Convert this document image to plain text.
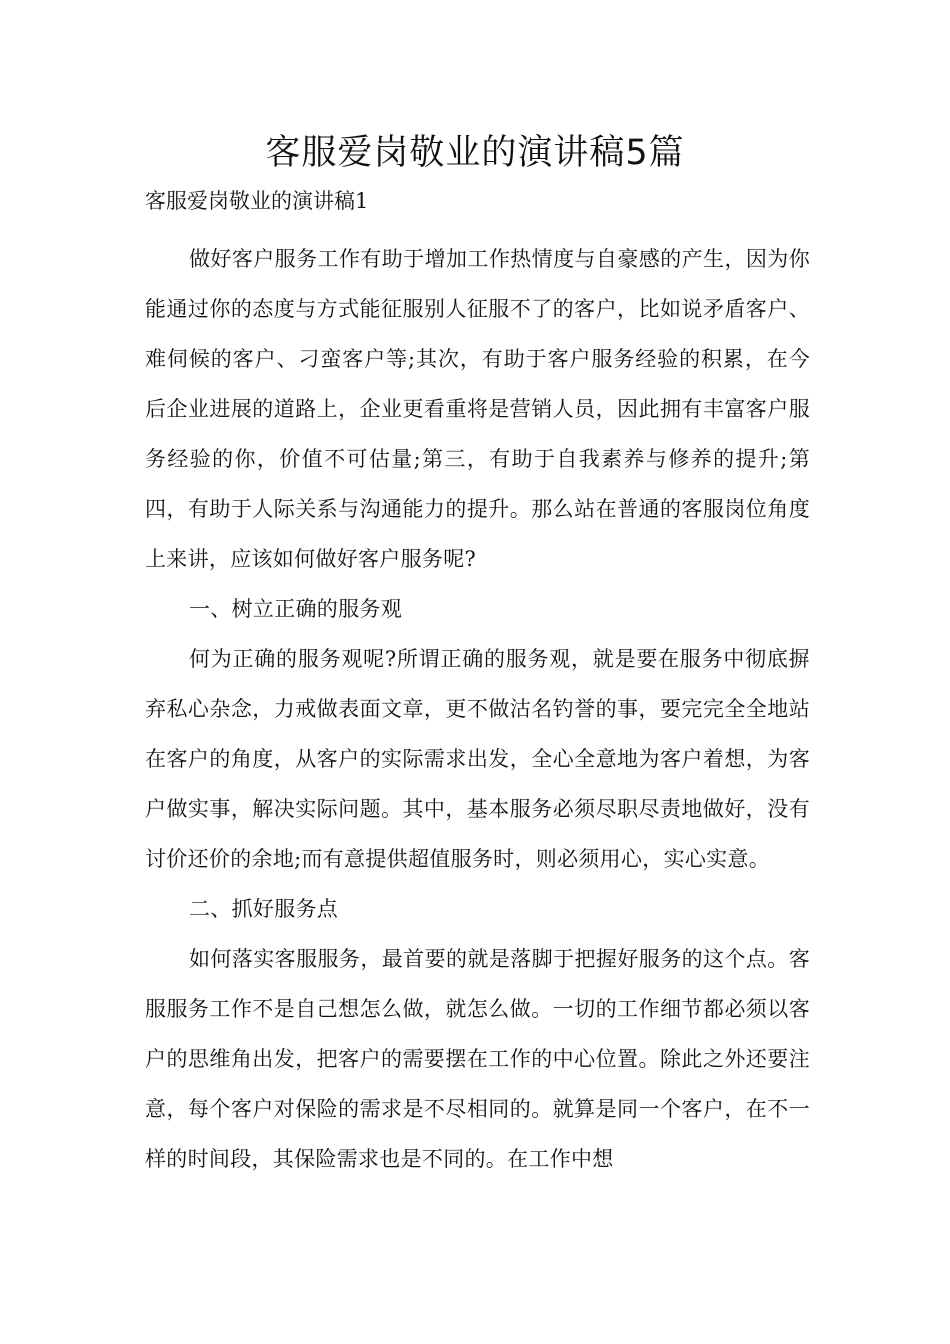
客服爱岗敬业的演讲稿5篇
客服爱岗敬业的演讲稿1

做好客户服务工作有助于增加工作热情度与自豪感的产生，因为你能通过你的态度与方式能征服别人征服不了的客户，比如说矛盾客户、难伺候的客户、刁蛮客户等;其次，有助于客户服务经验的积累，在今后企业进展的道路上，企业更看重将是营销人员，因此拥有丰富客户服务经验的你，价值不可估量;第三，有助于自我素养与修养的提升;第四，有助于人际关系与沟通能力的提升。那么站在普通的客服岗位角度上来讲，应该如何做好客户服务呢?

一、树立正确的服务观

何为正确的服务观呢?所谓正确的服务观，就是要在服务中彻底摒弃私心杂念，力戒做表面文章，更不做沽名钓誉的事，要完完全全地站在客户的角度，从客户的实际需求出发，全心全意地为客户着想，为客户做实事，解决实际问题。其中，基本服务必须尽职尽责地做好，没有讨价还价的余地;而有意提供超值服务时，则必须用心，实心实意。

二、抓好服务点

如何落实客服服务，最首要的就是落脚于把握好服务的这个点。客服服务工作不是自己想怎么做，就怎么做。一切的工作细节都必须以客户的思维角出发，把客户的需要摆在工作的中心位置。除此之外还要注意，每个客户对保险的需求是不尽相同的。就算是同一个客户，在不一样的时间段，其保险需求也是不同的。在工作中想
